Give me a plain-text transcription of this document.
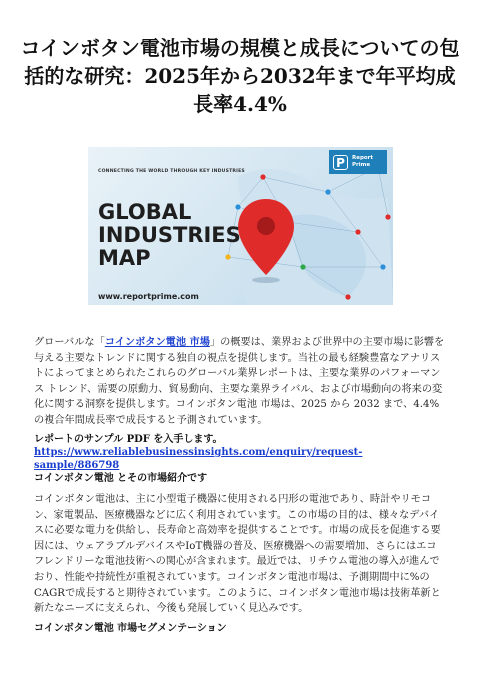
コインボタン電池市場の規模と成長についての包括的な研究：2025年から2032年まで年平均成長率4.4%
CONNECTING THE WORLD THROUGH KEY INDUSTRIES
GLOBAL
INDUSTRIES
MAP
www.reportprime.com
P	Report
Prime
グローバルな「コインボタン電池 市場」の概要は、業界および世界中の主要市場に影響を与える主要なトレンドに関する独自の視点を提供します。当社の最も経験豊富なアナリストによってまとめられたこれらのグローバル業界レポートは、主要な業界のパフォーマンス トレンド、需要の原動力、貿易動向、主要な業界ライバル、および市場動向の将来の変化に関する洞察を提供します。コインボタン電池 市場は、2025 から 2032 まで、4.4% の複合年間成長率で成長すると予測されています。
レポートのサンプル PDF を入手します。
https://www.reliablebusinessinsights.com/enquiry/request-sample/886798
コインボタン電池 とその市場紹介です
コインボタン電池は、主に小型電子機器に使用される円形の電池であり、時計やリモコン、家電製品、医療機器などに広く利用されています。この市場の目的は、様々なデバイスに必要な電力を供給し、長寿命と高効率を提供することです。市場の成長を促進する要因には、ウェアラブルデバイスやIoT機器の普及、医療機器への需要増加、さらにはエコフレンドリーな電池技術への関心が含まれます。最近では、リチウム電池の導入が進んでおり、性能や持続性が重視されています。コインボタン電池市場は、予測期間中に%のCAGRで成長すると期待されています。このように、コインボタン電池市場は技術革新と新たなニーズに支えられ、今後も発展していく見込みです。
コインボタン電池 市場セグメンテーション
